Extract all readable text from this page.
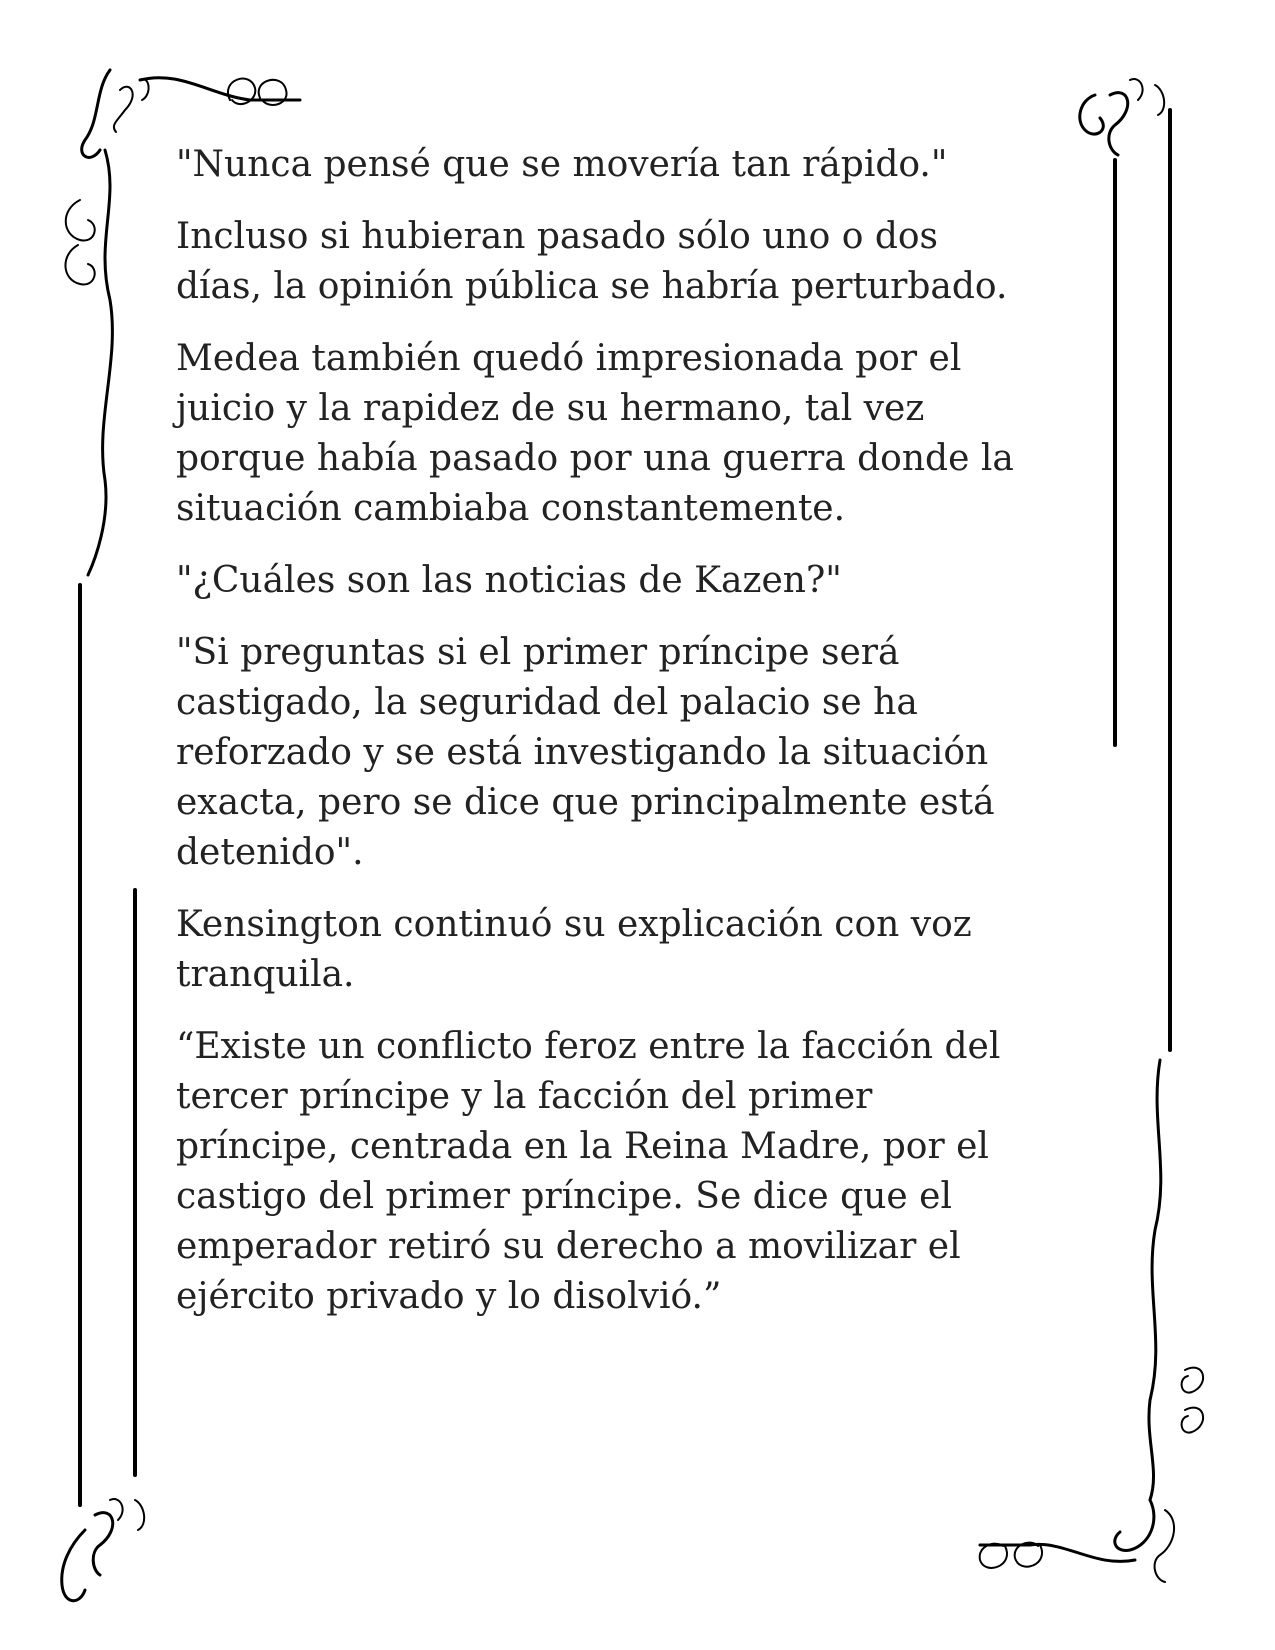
"Nunca pensé que se movería tan rápido."

Incluso si hubieran pasado sólo uno o dos
días, la opinión pública se habría perturbado.

Medea también quedó impresionada por el
juicio y la rapidez de su hermano, tal vez
porque había pasado por una guerra donde la
situación cambiaba constantemente.

"¿Cuáles son las noticias de Kazen?"

"Si preguntas si el primer príncipe será
castigado, la seguridad del palacio se ha
reforzado y se está investigando la situación
exacta, pero se dice que principalmente está
detenido".

Kensington continuó su explicación con voz
tranquila.

“Existe un conflicto feroz entre la facción del
tercer príncipe y la facción del primer
príncipe, centrada en la Reina Madre, por el
castigo del primer príncipe. Se dice que el
emperador retiró su derecho a movilizar el
ejército privado y lo disolvió.”
